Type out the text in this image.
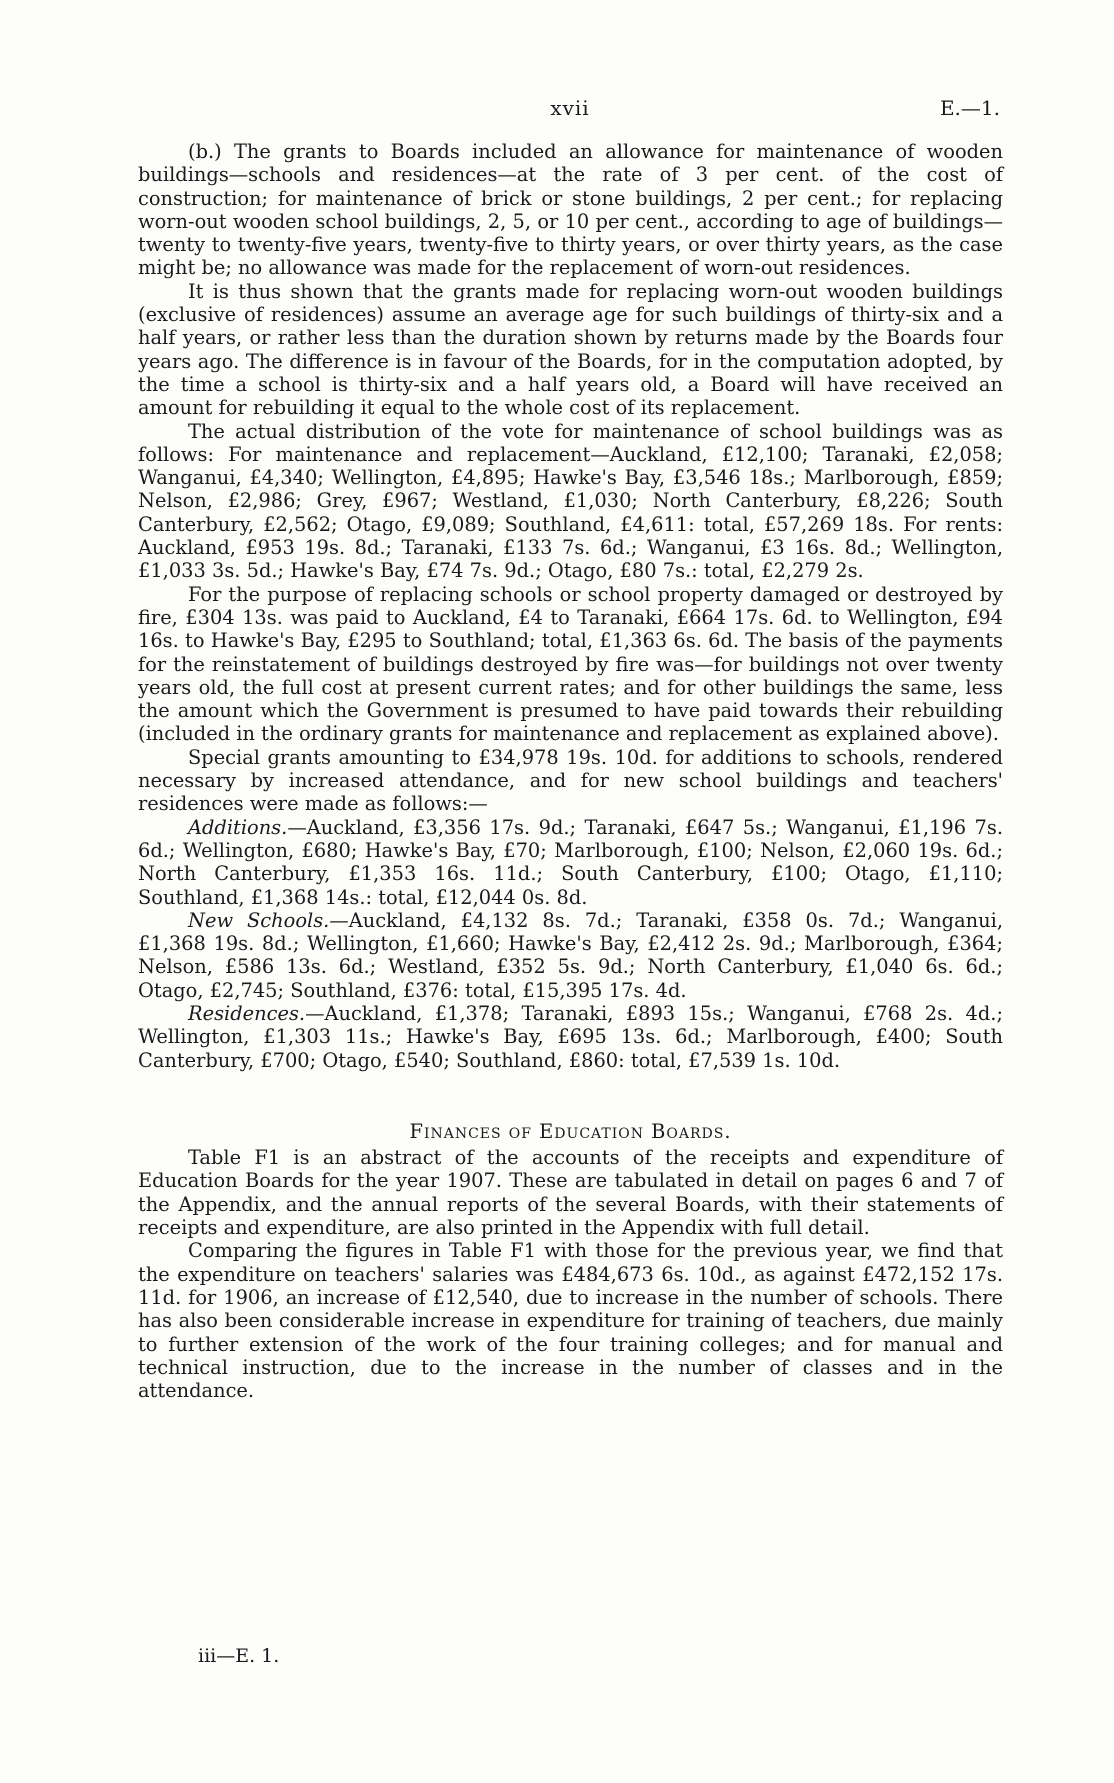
xvii	E.—1.

(b.) The grants to Boards included an allowance for maintenance of wooden buildings—schools and residences—at the rate of 3 per cent. of the cost of construction; for maintenance of brick or stone buildings, 2 per cent.; for replacing worn-out wooden school buildings, 2, 5, or 10 per cent., according to age of buildings—twenty to twenty-five years, twenty-five to thirty years, or over thirty years, as the case might be; no allowance was made for the replacement of worn-out residences.

It is thus shown that the grants made for replacing worn-out wooden buildings (exclusive of residences) assume an average age for such buildings of thirty-six and a half years, or rather less than the duration shown by returns made by the Boards four years ago. The difference is in favour of the Boards, for in the computation adopted, by the time a school is thirty-six and a half years old, a Board will have received an amount for rebuilding it equal to the whole cost of its replacement.

The actual distribution of the vote for maintenance of school buildings was as follows: For maintenance and replacement—Auckland, £12,100; Taranaki, £2,058; Wanganui, £4,340; Wellington, £4,895; Hawke's Bay, £3,546 18s.; Marlborough, £859; Nelson, £2,986; Grey, £967; Westland, £1,030; North Canterbury, £8,226; South Canterbury, £2,562; Otago, £9,089; Southland, £4,611: total, £57,269 18s. For rents: Auckland, £953 19s. 8d.; Taranaki, £133 7s. 6d.; Wanganui, £3 16s. 8d.; Wellington, £1,033 3s. 5d.; Hawke's Bay, £74 7s. 9d.; Otago, £80 7s.: total, £2,279 2s.

For the purpose of replacing schools or school property damaged or destroyed by fire, £304 13s. was paid to Auckland, £4 to Taranaki, £664 17s. 6d. to Wellington, £94 16s. to Hawke's Bay, £295 to Southland; total, £1,363 6s. 6d. The basis of the payments for the reinstatement of buildings destroyed by fire was—for buildings not over twenty years old, the full cost at present current rates; and for other buildings the same, less the amount which the Government is presumed to have paid towards their rebuilding (included in the ordinary grants for maintenance and replacement as explained above).

Special grants amounting to £34,978 19s. 10d. for additions to schools, rendered necessary by increased attendance, and for new school buildings and teachers' residences were made as follows:—

Additions.—Auckland, £3,356 17s. 9d.; Taranaki, £647 5s.; Wanganui, £1,196 7s. 6d.; Wellington, £680; Hawke's Bay, £70; Marlborough, £100; Nelson, £2,060 19s. 6d.; North Canterbury, £1,353 16s. 11d.; South Canterbury, £100; Otago, £1,110; Southland, £1,368 14s.: total, £12,044 0s. 8d.

New Schools.—Auckland, £4,132 8s. 7d.; Taranaki, £358 0s. 7d.; Wanganui, £1,368 19s. 8d.; Wellington, £1,660; Hawke's Bay, £2,412 2s. 9d.; Marlborough, £364; Nelson, £586 13s. 6d.; Westland, £352 5s. 9d.; North Canterbury, £1,040 6s. 6d.; Otago, £2,745; Southland, £376: total, £15,395 17s. 4d.

Residences.—Auckland, £1,378; Taranaki, £893 15s.; Wanganui, £768 2s. 4d.; Wellington, £1,303 11s.; Hawke's Bay, £695 13s. 6d.; Marlborough, £400; South Canterbury, £700; Otago, £540; Southland, £860: total, £7,539 1s. 10d.

Finances of Education Boards.

Table F1 is an abstract of the accounts of the receipts and expenditure of Education Boards for the year 1907. These are tabulated in detail on pages 6 and 7 of the Appendix, and the annual reports of the several Boards, with their statements of receipts and expenditure, are also printed in the Appendix with full detail.

Comparing the figures in Table F1 with those for the previous year, we find that the expenditure on teachers' salaries was £484,673 6s. 10d., as against £472,152 17s. 11d. for 1906, an increase of £12,540, due to increase in the number of schools. There has also been considerable increase in expenditure for training of teachers, due mainly to further extension of the work of the four training colleges; and for manual and technical instruction, due to the increase in the number of classes and in the attendance.

iii—E. 1.
